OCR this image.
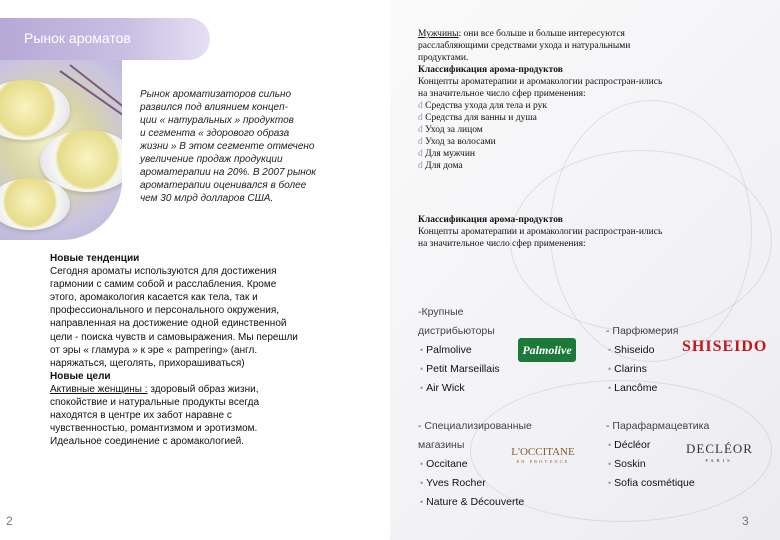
Рынок ароматов
Рынок ароматизаторов сильно
развился под влиянием концеп-
ции « натуральных » продуктов
и сегмента « здорового образа
жизни » В этом сегменте отмечено
увеличение продаж продукции
аромaтерапии на 20%. В 2007 рынок
аромaтерапии оценивался в более
чем 30 млрд долларов США.

Новые тенденции

Сегодня ароматы используются для достижения

гармонии с самим собой и расслабления. Кроме

этого, аромакология касается как тела, так и

профессионального и персонального окружения,

направленная на достижение одной единственной

цели - поиска чувств и самовыражения. Мы перешли

от эры « гламура » к эре « pampering» (англ.

наряжаться, щеголять, прихорашиваться)

Новые цели

Активные женщины : здоровый образ жизни,

спокойствие и натуральные продукты всегда

находятся в центре их забот наравне с

чувственностью, романтизмом и эротизмом.

Идеальное соединение с аромакологией.

2

Мужчины: они все больше и больше интересуются

расслабляющими средствами ухода и натуральными

продуктами.

Классификация арома-продуктов

Концепты ароматерапии и аромакологии распростран-ились

на значительное число сфер применения:

d Средства ухода для тела и рук

d Средства для ванны и душа

d Уход за лицом

d Уход за волосами

d Для мужчин

d Для дома

Классификация арома-продуктов

Концепты ароматерапии и аромакологии распростран-ились

на значительное число сфер применения:

-Крупные
дистрибьюторы
• Palmolive
• Petit Marseillais
• Air Wick
Palmolive
- Парфюмерия
• Shiseido
• Clarins
• Lancôme
SHISEIDO
- Специализированные
магазины
• Occitane
• Yves Rocher
• Nature & Découverte
L'OCCITANE
EN PROVENCE
- Парафармацевтика
• Décléor
• Soskin
• Sofia cosmétique
DECLÉOR
PARIS
3
